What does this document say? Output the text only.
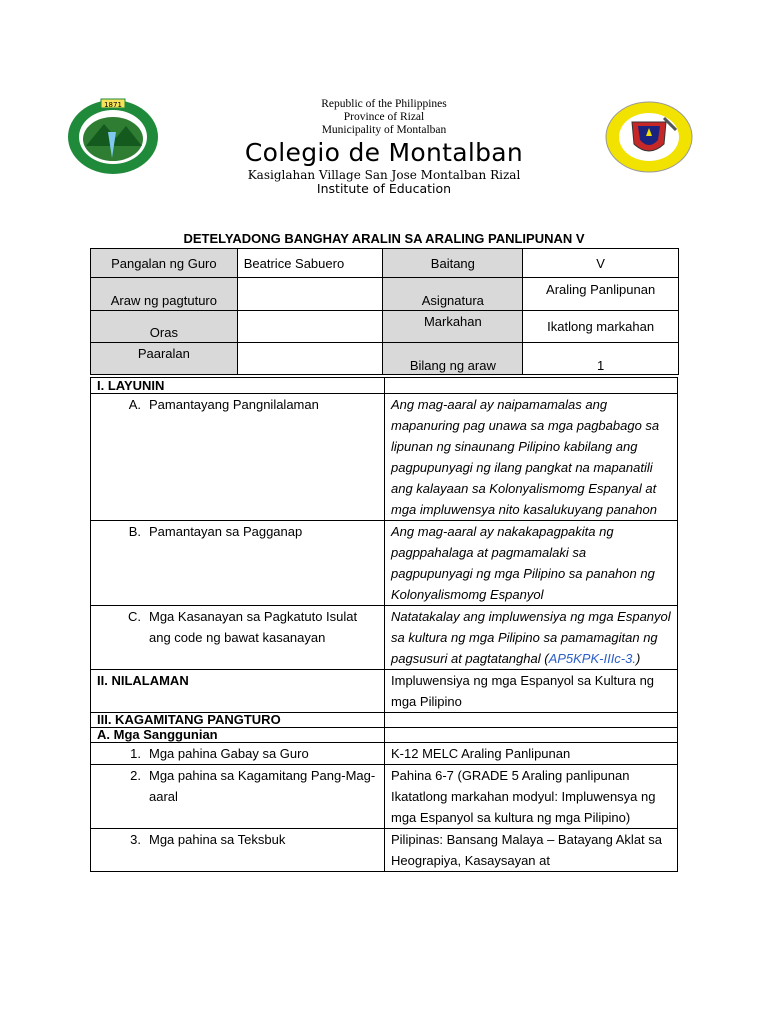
1871	Republic of the Philippines
Province of Rizal
Municipality of Montalban
Colegio de Montalban
Kasiglahan Village San Jose Montalban Rizal
Institute of Education
DETELYADONG BANGHAY ARALIN SA ARALING PANLIPUNAN V
Pangalan ng Guro	Beatrice Sabuero	Baitang	V
Araw ng pagtuturo		Asignatura	Araling Panlipunan
Oras		Markahan	Ikatlong markahan
Paaralan		Bilang ng araw	1
I. LAYUNIN	

A. Pamantayang Pangnilalaman	Ang mag-aaral ay naipamamalas ang mapanuring pag unawa sa mga pagbabago sa lipunan ng sinaunang Pilipino kabilang ang pagpupunyagi ng ilang pangkat na mapanatili ang kalayaan sa Kolonyalismomg Espanyal at mga impluwensya nito kasalukuyang panahon

B. Pamantayan sa Pagganap	Ang mag-aaral ay nakakapagpakita ng pagppahalaga at pagmamalaki sa pagpupunyagi ng mga Pilipino sa panahon ng Kolonyalismomg Espanyol

C. Mga Kasanayan sa Pagkatuto Isulat ang code ng bawat kasanayan	Natatakalay ang impluwensiya ng mga Espanyol sa kultura ng mga Pilipino sa pamamagitan ng pagsusuri at pagtatanghal (AP5KPK-IIIc-3.)
II. NILALAMAN	Impluwensiya ng mga Espanyol sa Kultura ng mga Pilipino
III. KAGAMITANG PANGTURO	
A. Mga Sanggunian	

1. Mga pahina Gabay sa Guro	K-12 MELC Araling Panlipunan

2. Mga pahina sa Kagamitang Pang-Mag-aaral	Pahina 6-7 (GRADE 5 Araling panlipunan Ikatatlong markahan modyul: Impluwensya ng mga Espanyol sa kultura ng mga Pilipino)

3. Mga pahina sa Teksbuk	Pilipinas: Bansang Malaya – Batayang Aklat sa Heograpiya, Kasaysayan at
